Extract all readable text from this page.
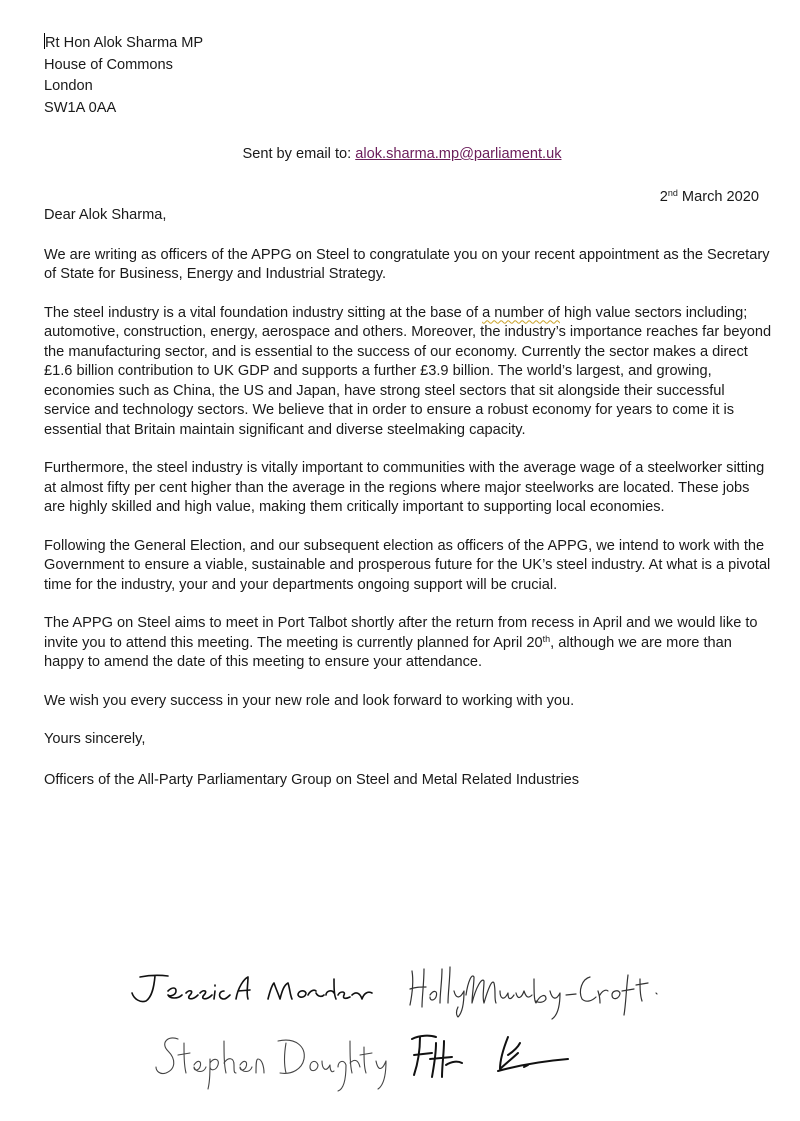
Rt Hon Alok Sharma MP
House of Commons
London
SW1A 0AA
Sent by email to: alok.sharma.mp@parliament.uk
2nd March 2020

Dear Alok Sharma,

We are writing as officers of the APPG on Steel to congratulate you on your recent appointment as the Secretary of State for Business, Energy and Industrial Strategy.

The steel industry is a vital foundation industry sitting at the base of a number of high value sectors including; automotive, construction, energy, aerospace and others. Moreover, the industry’s importance reaches far beyond the manufacturing sector, and is essential to the success of our economy. Currently the sector makes a direct £1.6 billion contribution to UK GDP and supports a further £3.9 billion. The world’s largest, and growing, economies such as China, the US and Japan, have strong steel sectors that sit alongside their successful service and technology sectors. We believe that in order to ensure a robust economy for years to come it is essential that Britain maintain significant and diverse steelmaking capacity.

Furthermore, the steel industry is vitally important to communities with the average wage of a steelworker sitting at almost fifty per cent higher than the average in the regions where major steelworks are located. These jobs are highly skilled and high value, making them critically important to supporting local economies.

Following the General Election, and our subsequent election as officers of the APPG, we intend to work with the Government to ensure a viable, sustainable and prosperous future for the UK’s steel industry. At what is a pivotal time for the industry, your and your departments ongoing support will be crucial.

The APPG on Steel aims to meet in Port Talbot shortly after the return from recess in April and we would like to invite you to attend this meeting. The meeting is currently planned for April 20th, although we are more than happy to amend the date of this meeting to ensure your attendance.

We wish you every success in your new role and look forward to working with you.

Yours sincerely,

Officers of the All-Party Parliamentary Group on Steel and Metal Related Industries
